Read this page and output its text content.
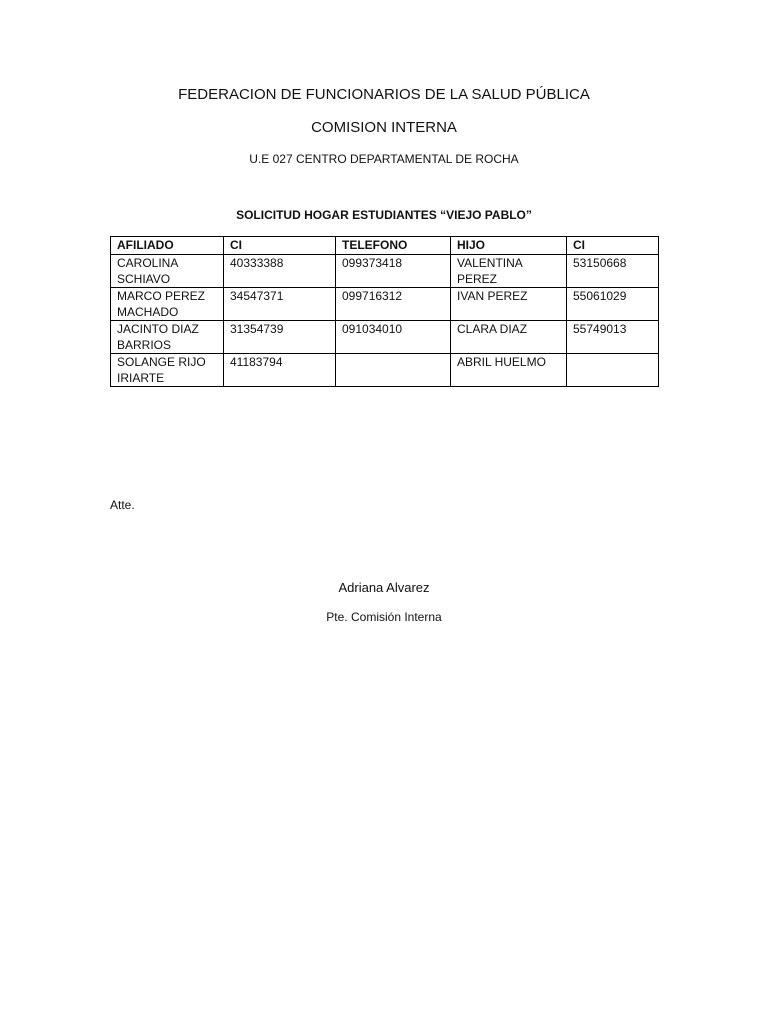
FEDERACION DE FUNCIONARIOS DE LA SALUD PÚBLICA
COMISION INTERNA
U.E 027 CENTRO DEPARTAMENTAL DE ROCHA
SOLICITUD HOGAR ESTUDIANTES “VIEJO PABLO”
AFILIADO	CI	TELEFONO	HIJO	CI
CAROLINA SCHIAVO	40333388	099373418	VALENTINA PEREZ	53150668
MARCO PEREZ MACHADO	34547371	099716312	IVAN PEREZ	55061029
JACINTO DIAZ BARRIOS	31354739	091034010	CLARA DIAZ	55749013
SOLANGE RIJO IRIARTE	41183794		ABRIL HUELMO	
Atte.
Adriana Alvarez
Pte. Comisión Interna
